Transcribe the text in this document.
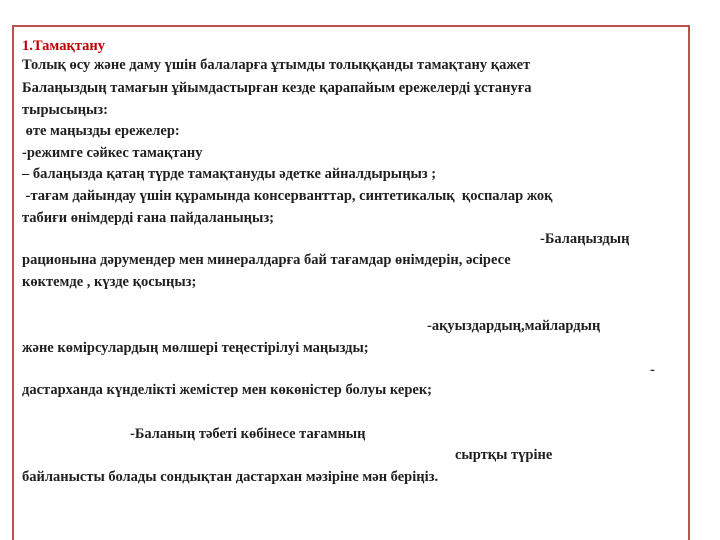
1.Тамақтану
Толық өсу және даму үшін балаларға ұтымды толыққанды тамақтану қажет
Балаңыздың тамағын ұйымдастырған кезде қарапайым ережелерді ұстануға
тырысыңыз:
өте маңызды ережелер:
-режимге сәйкес тамақтану
– балаңызда қатаң түрде тамақтануды әдетке айналдырыңыз ;
-тағам дайындау үшін құрамында консерванттар, синтетикалық  қоспалар жоқ
табиғи өнімдерді ғана пайдаланыңыз;
-Балаңыздың
рационына дәрумендер мен минералдарға бай тағамдар өнімдерін, әсіресе
көктемде , күзде қосыңыз;
-ақуыздардың,майлардың
және көмірсулардың мөлшері теңестірілуі маңызды;
-
дастарханда күнделікті жемістер мен көкөністер болуы керек;
-Баланың тәбеті көбінесе тағамның
сыртқы түріне
байланысты болады сондықтан дастархан мәзіріне мән беріңіз.
